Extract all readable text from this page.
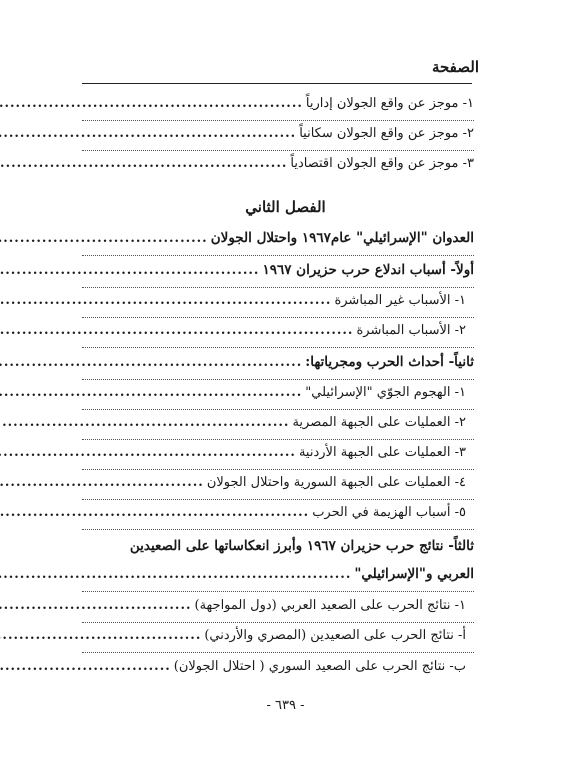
الصفحة
١- موجز عن واقع الجولان إدارياً
.....
٢- موجز عن واقع الجولان سكانياً
.....
٣- موجز عن واقع الجولان اقتصادياً
.....
الفصل الثاني
العدوان "الإسرائيلي" عام١٩٦٧ واحتلال الجولان
.....
أولاً- أسباب اندلاع حرب حزيران ١٩٦٧
.....
١- الأسباب غير المباشرة
.....
٢- الأسباب المباشرة
.....
ثانياً- أحداث الحرب ومجرياتها:
.....
١- الهجوم الجوّي "الإسرائيلي"
.....
٢- العمليات على الجبهة المصرية
.....
٣- العمليات على الجبهة الأردنية
.....
٤- العمليات على الجبهة السورية واحتلال الجولان
.....
٥- أسباب الهزيمة في الحرب
.....
ثالثاً- نتائج حرب حزيران ١٩٦٧ وأبرز انعكاساتها على الصعيدين
العربي و"الإسرائيلي"
.....
١- نتائج الحرب على الصعيد العربي (دول المواجهة)
.....
أ- نتائج الحرب على الصعيدين (المصري والأردني)
.....
ب- نتائج الحرب على الصعيد السوري ( احتلال الجولان)
.....
- ٦٣٩ -
